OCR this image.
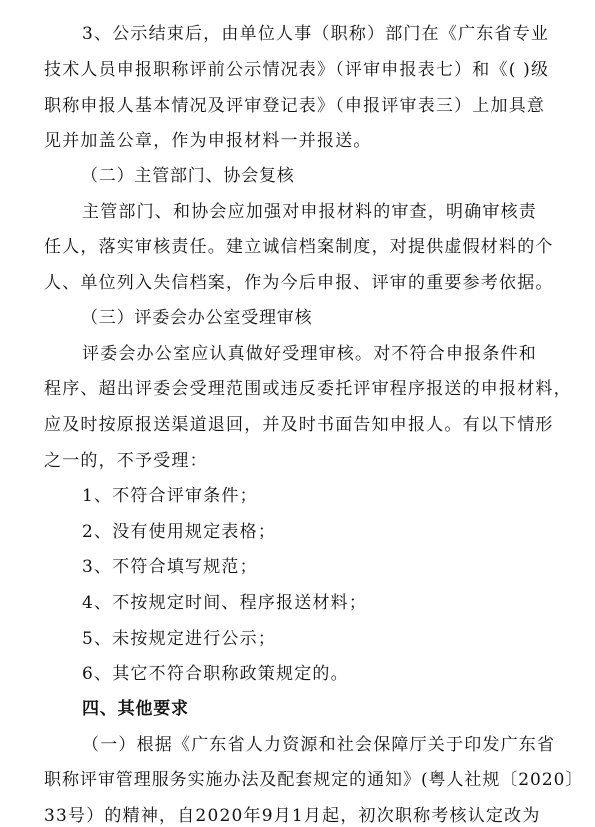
3、公示结束后，由单位人事（职称）部门在《广东省专业
技术人员申报职称评前公示情况表》（评审申报表七）和《( )级
职称申报人基本情况及评审登记表》（申报评审表三）上加具意
见并加盖公章，作为申报材料一并报送。
（二）主管部门、协会复核
主管部门、和协会应加强对申报材料的审查，明确审核责
任人，落实审核责任。建立诚信档案制度，对提供虚假材料的个
人、单位列入失信档案，作为今后申报、评审的重要参考依据。
（三）评委会办公室受理审核
评委会办公室应认真做好受理审核。对不符合申报条件和
程序、超出评委会受理范围或违反委托评审程序报送的申报材料，
应及时按原报送渠道退回，并及时书面告知申报人。有以下情形
之一的，不予受理：
1、不符合评审条件；
2、没有使用规定表格；
3、不符合填写规范；
4、不按规定时间、程序报送材料；
5、未按规定进行公示；
6、其它不符合职称政策规定的。
四、其他要求
（一）根据《广东省人力资源和社会保障厅关于印发广东省
职称评审管理服务实施办法及配套规定的通知》(粤人社规〔2020〕
33号）的精神，自2020年9月1月起，初次职称考核认定改为
